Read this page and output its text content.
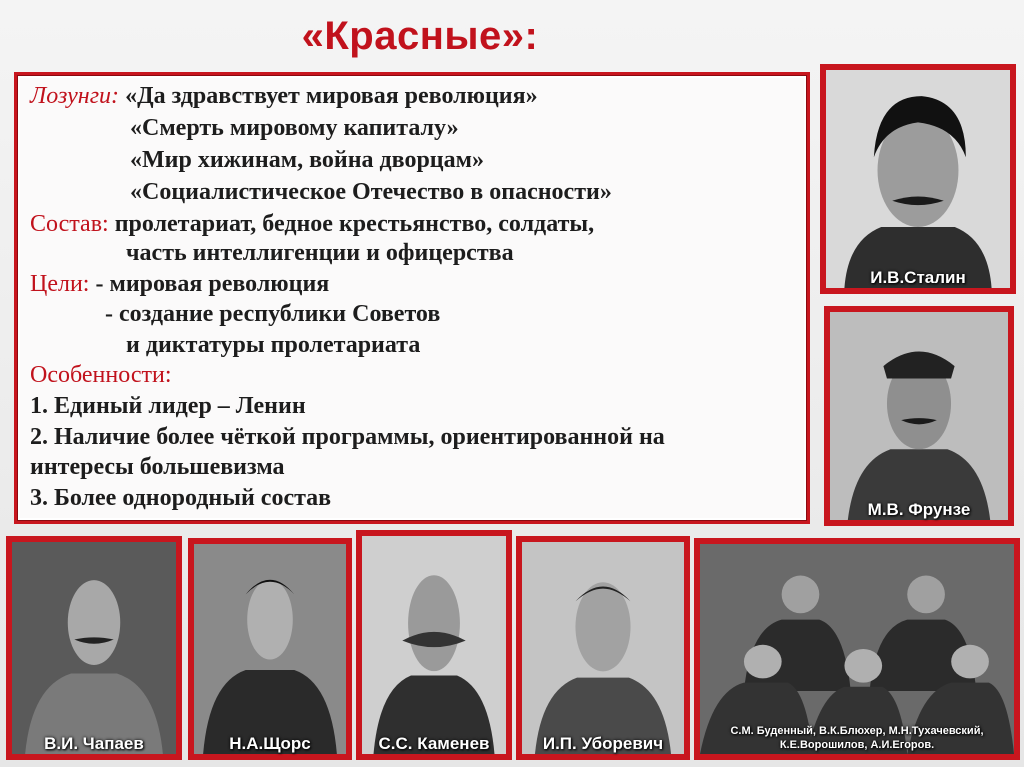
«Красные»:
Лозунги: «Да здравствует мировая революция»
«Смерть мировому капиталу»
«Мир хижинам, война дворцам»
«Социалистическое Отечество в опасности»
Состав: пролетариат, бедное крестьянство, солдаты,
часть интеллигенции и офицерства
Цели: - мировая революция
- создание республики Советов
и диктатуры пролетариата
Особенности:
1. Единый лидер – Ленин
2. Наличие более чёткой программы, ориентированной на
интересы большевизма
3. Более однородный состав
И.В.Сталин
М.В. Фрунзе
В.И. Чапаев	Н.А.Щорс	С.С. Каменев	И.П. Уборевич
С.М. Буденный, В.К.Блюхер, М.Н.Тухачевский,
К.Е.Ворошилов, А.И.Егоров.
